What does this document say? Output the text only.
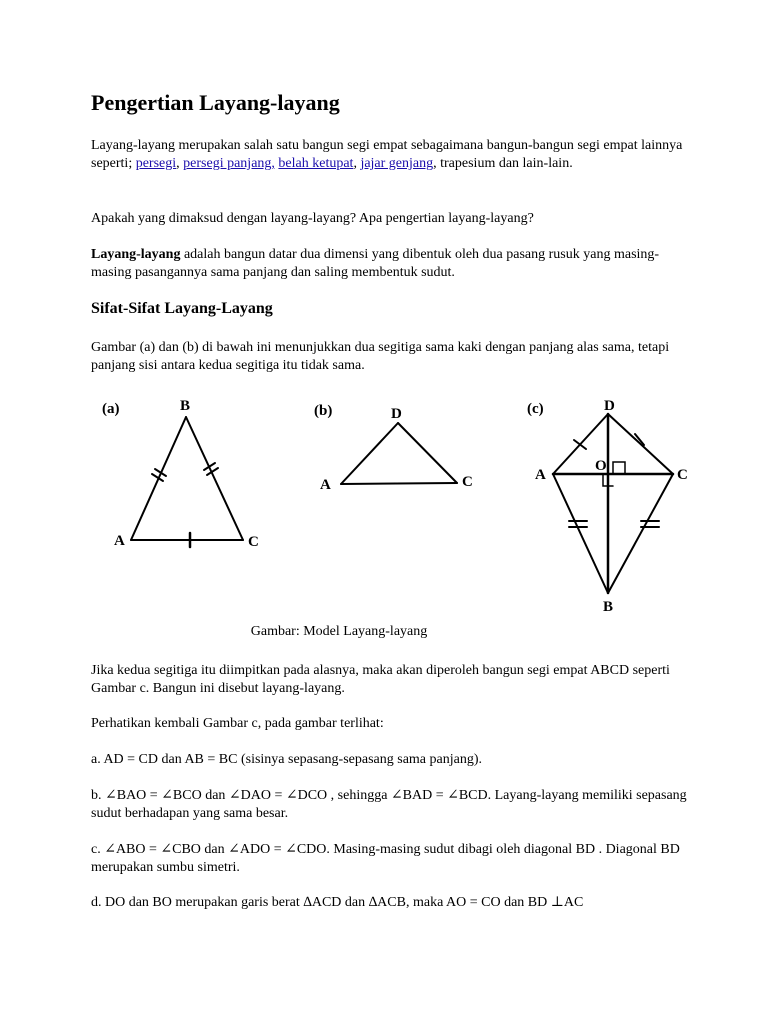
Pengertian Layang-layang

Layang-layang merupakan salah satu bangun segi empat sebagaimana bangun-bangun segi empat lainnya seperti; persegi, persegi panjang, belah ketupat, jajar genjang, trapesium dan lain-lain.

Apakah yang dimaksud dengan layang-layang? Apa pengertian layang-layang?

Layang-layang adalah bangun datar dua dimensi yang dibentuk oleh dua pasang rusuk yang masing-masing pasangannya sama panjang dan saling membentuk sudut.

Sifat-Sifat Layang-Layang

Gambar (a) dan (b) di bawah ini menunjukkan dua segitiga sama kaki dengan panjang alas sama, tetapi panjang sisi antara kedua segitiga itu tidak sama.

Gambar: Model Layang-layang

Jika kedua segitiga itu diimpitkan pada alasnya, maka akan diperoleh bangun segi empat ABCD seperti Gambar c. Bangun ini disebut layang-layang.

Perhatikan kembali Gambar c, pada gambar terlihat:

a. AD = CD dan AB = BC (sisinya sepasang-sepasang sama panjang).

b. ∠BAO = ∠BCO dan ∠DAO = ∠DCO , sehingga ∠BAD = ∠BCD. Layang-layang memiliki sepasang sudut berhadapan yang sama besar.

c. ∠ABO = ∠CBO dan ∠ADO = ∠CDO. Masing-masing sudut dibagi oleh diagonal BD . Diagonal BD merupakan sumbu simetri.

d. DO dan BO merupakan garis berat ∆ACD dan ∆ACB, maka AO = CO dan BD ⊥AC

(a)	B
A	C
(b)	D
A	C
(c)	D
O
A	C
B
